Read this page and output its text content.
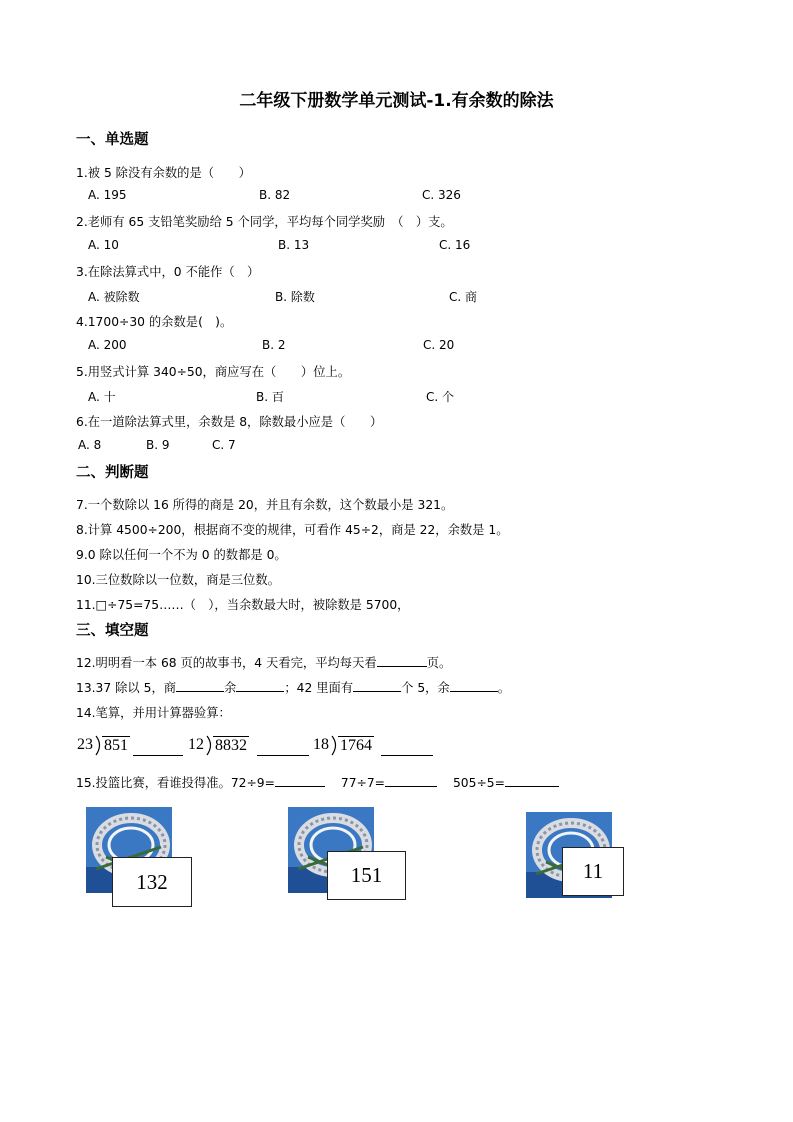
二年级下册数学单元测试-1.有余数的除法
一、单选题
1.被 5 除没有余数的是（　　）
A. 195	B. 82	C. 326
2.老师有 65 支铅笔奖励给 5 个同学，平均每个同学奖励　（　）支。
A. 10	B. 13	C. 16
3.在除法算式中，0 不能作（　）
A. 被除数	B. 除数	C. 商
4.1700÷30 的余数是(　)。
A. 200	B. 2	C. 20
5.用竖式计算 340÷50，商应写在（　　）位上。
A. 十	B. 百	C. 个
6.在一道除法算式里，余数是 8，除数最小应是（　　）
A. 8	B. 9	C. 7
二、判断题
7.一个数除以 16 所得的商是 20，并且有余数，这个数最小是 321。
8.计算 4500÷200，根据商不变的规律，可看作 45÷2，商是 22，余数是 1。
9.0 除以任何一个不为 0 的数都是 0。
10.三位数除以一位数，商是三位数。
11.□÷75=75……（　），当余数最大时，被除数是 5700，
三、填空题
12.明明看一本 68 页的故事书，4 天看完，平均每天看	页。
13.37 除以 5，商	余	；42 里面有	个 5，余	。
14.笔算，并用计算器验算：
23 851	12 8832	18 1764
15.投篮比赛，看谁投得准。72÷9=	77÷7=	505÷5=
132	151	11
